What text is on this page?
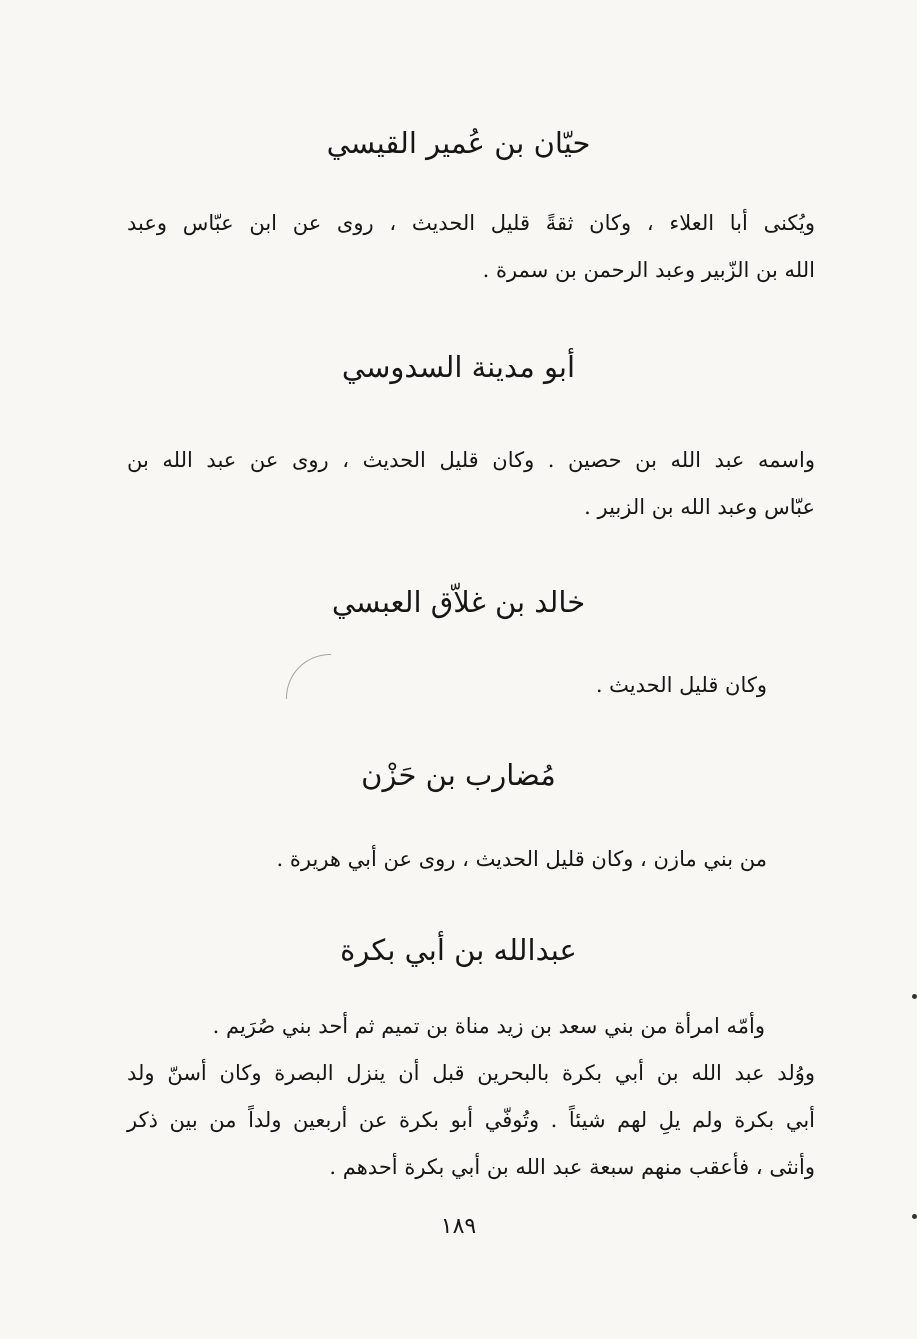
حيّان بن عُمير القيسي
ويُكنى أبا العلاء ، وكان ثقةً قليل الحديث ، روى عن ابن عبّاس وعبد
الله بن الزّبير وعبد الرحمن بن سمرة .
أبو مدينة السدوسي
واسمه عبد الله بن حصين . وكان قليل الحديث ، روى عن عبد الله بن
عبّاس وعبد الله بن الزبير .
خالد بن غلاّق العبسي
وكان قليل الحديث .
مُضارب بن حَزْن
من بني مازن ، وكان قليل الحديث ، روى عن أبي هريرة .
عبدالله بن أبي بكرة
وأمّه امرأة من بني سعد بن زيد مناة بن تميم ثم أحد بني صُرَيم .
ووُلد عبد الله بن أبي بكرة بالبحرين قبل أن ينزل البصرة وكان أسنّ ولد
أبي بكرة ولم يلِ لهم شيئاً . وتُوفّي أبو بكرة عن أربعين ولداً من بين ذكر
وأنثى ، فأعقب منهم سبعة عبد الله بن أبي بكرة أحدهم .
١٨٩
